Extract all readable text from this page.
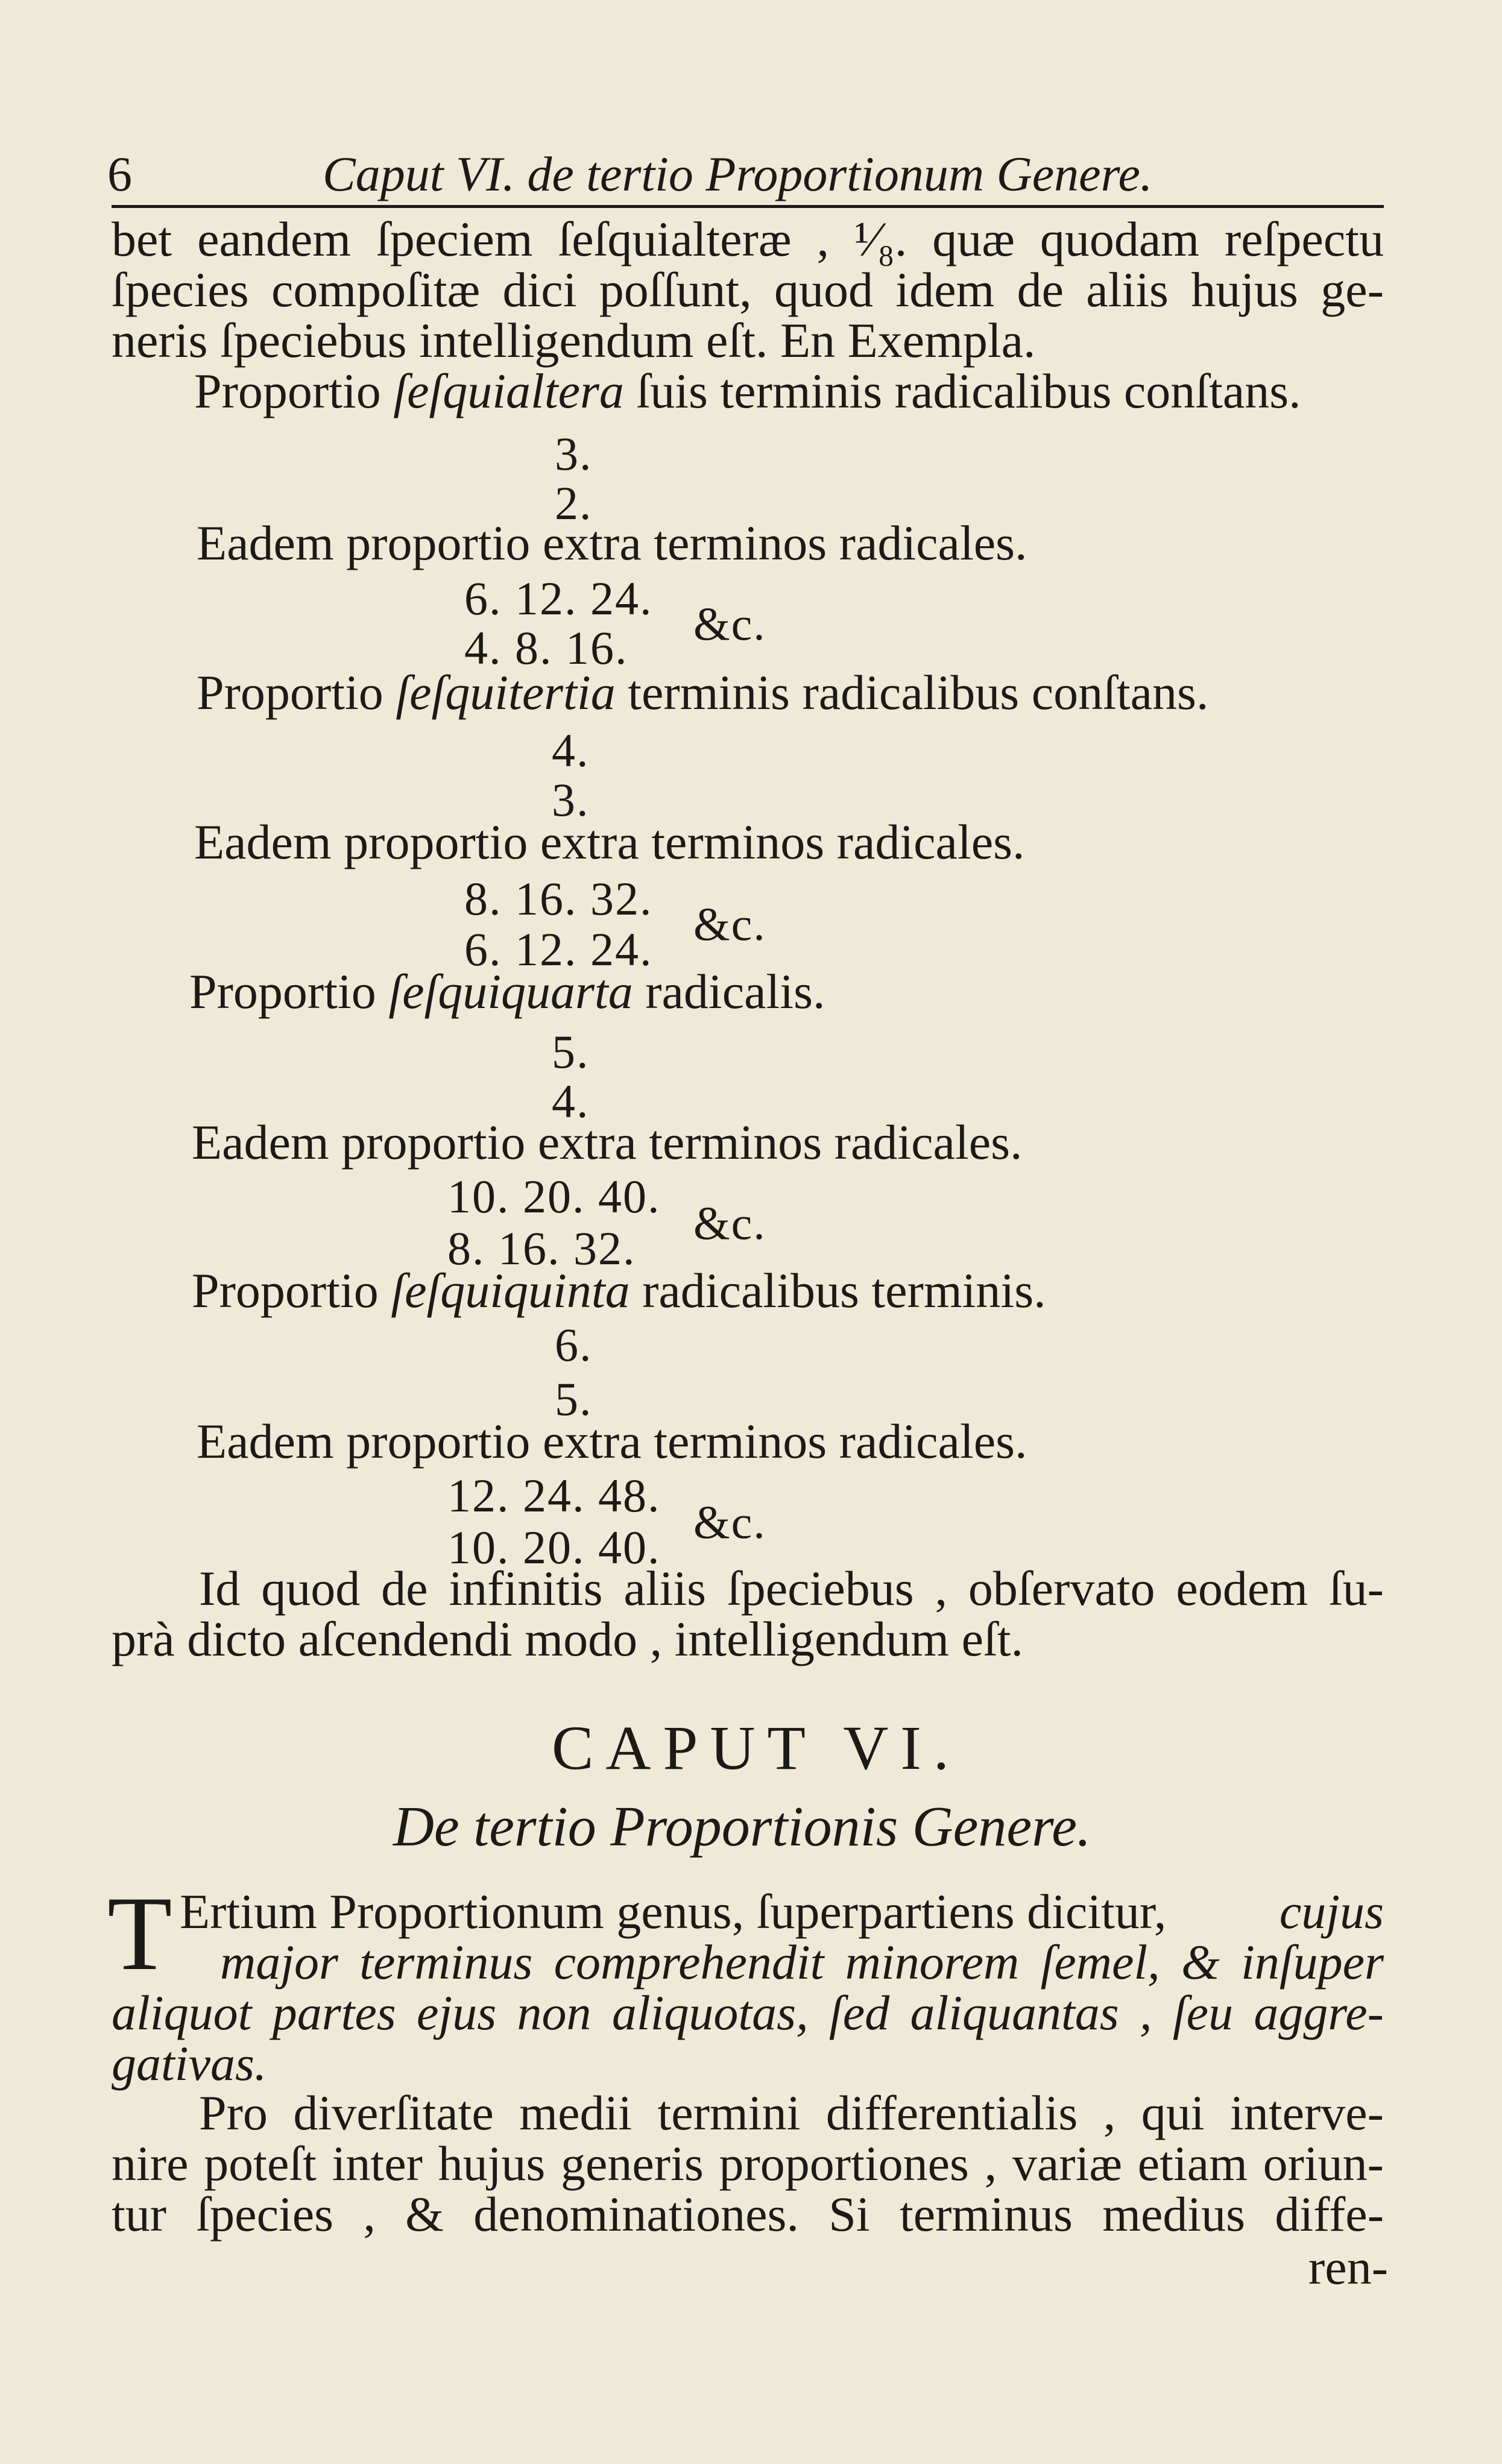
6	Caput VI. de tertio Proportionum Genere.
bet eandem ſpeciem ſeſquialteræ , ¹⁄₈. quæ quodam reſpectu
ſpecies compoſitæ dici poſſunt, quod idem de aliis hujus ge-
neris ſpeciebus intelligendum eſt. En Exempla.
Proportio ſeſquialtera ſuis terminis radicalibus conſtans.
3.
2.
Eadem proportio extra terminos radicales.
6. 12. 24.
4. 8. 16. &c.
Proportio ſeſquitertia terminis radicalibus conſtans.
4.
3.
Eadem proportio extra terminos radicales.
8. 16. 32.
6. 12. 24. &c.
Proportio ſeſquiquarta radicalis.
5.
4.
Eadem proportio extra terminos radicales.
10. 20. 40.
8. 16. 32. &c.
Proportio ſeſquiquinta radicalibus terminis.
6.
5.
Eadem proportio extra terminos radicales.
12. 24. 48.
10. 20. 40. &c.
Id quod de infinitis aliis ſpeciebus , obſervato eodem ſu-
prà dicto aſcendendi modo , intelligendum eſt.
CAPUT VI.
De tertio Proportionis Genere.
T Ertium Proportionum genus, ſuperpartiens dicitur, cujus
major terminus comprehendit minorem ſemel, & inſuper
aliquot partes ejus non aliquotas, ſed aliquantas , ſeu aggre-
gativas.
Pro diverſitate medii termini differentialis , qui interve-
nire poteſt inter hujus generis proportiones , variæ etiam oriun-
tur ſpecies , & denominationes. Si terminus medius diffe-
ren-
